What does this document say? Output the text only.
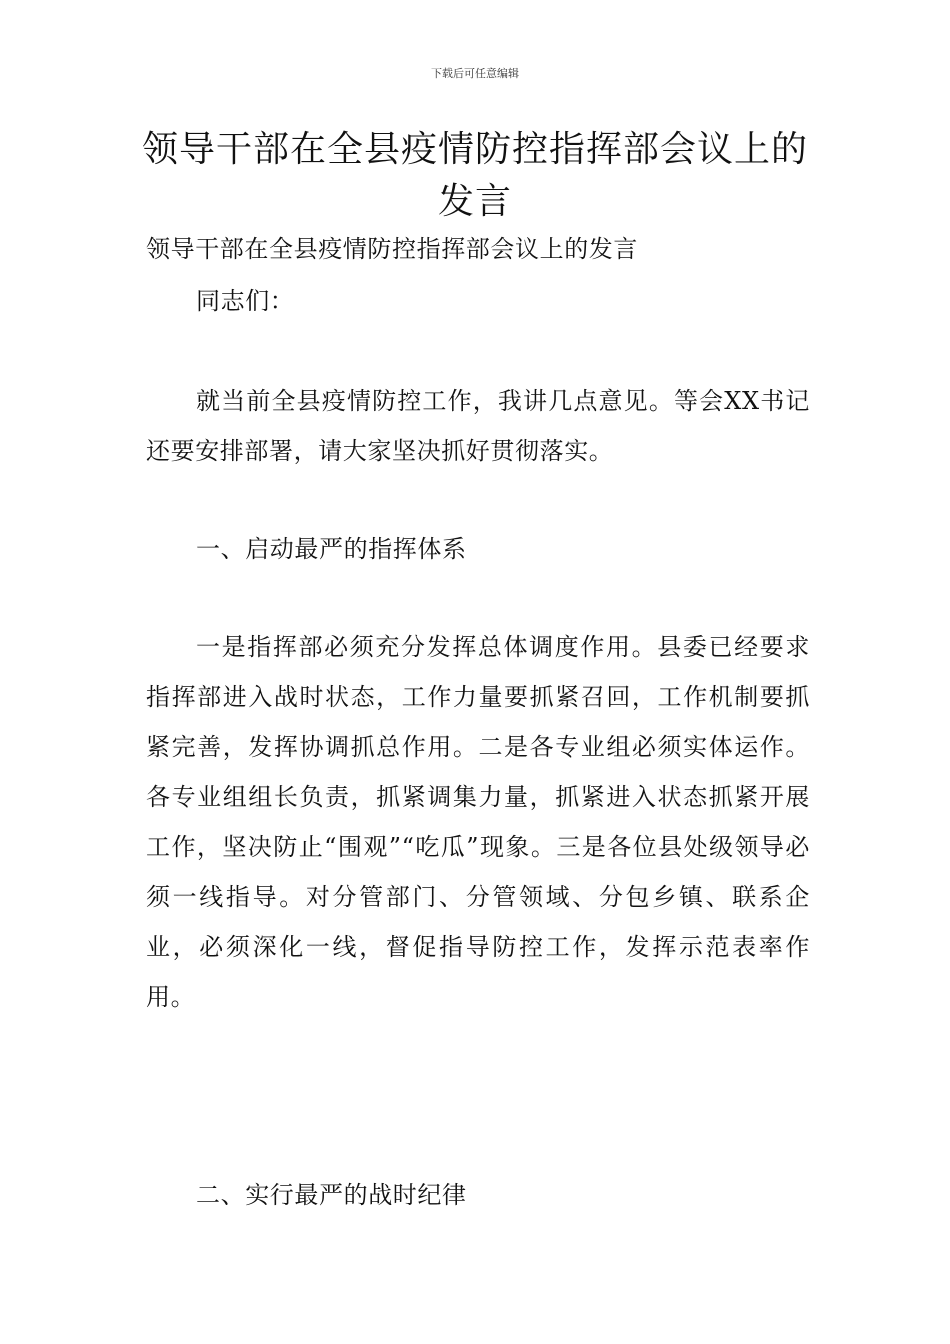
下载后可任意编辑
领导干部在全县疫情防控指挥部会议上的发言

领导干部在全县疫情防控指挥部会议上的发言

同志们：

就当前全县疫情防控工作，我讲几点意见。等会XX书记还要安排部署，请大家坚决抓好贯彻落实。

一、启动最严的指挥体系

一是指挥部必须充分发挥总体调度作用。县委已经要求指挥部进入战时状态，工作力量要抓紧召回，工作机制要抓紧完善，发挥协调抓总作用。二是各专业组必须实体运作。各专业组组长负责，抓紧调集力量，抓紧进入状态抓紧开展工作，坚决防止“围观”“吃瓜”现象。三是各位县处级领导必须一线指导。对分管部门、分管领域、分包乡镇、联系企业，必须深化一线，督促指导防控工作，发挥示范表率作用。

二、实行最严的战时纪律
